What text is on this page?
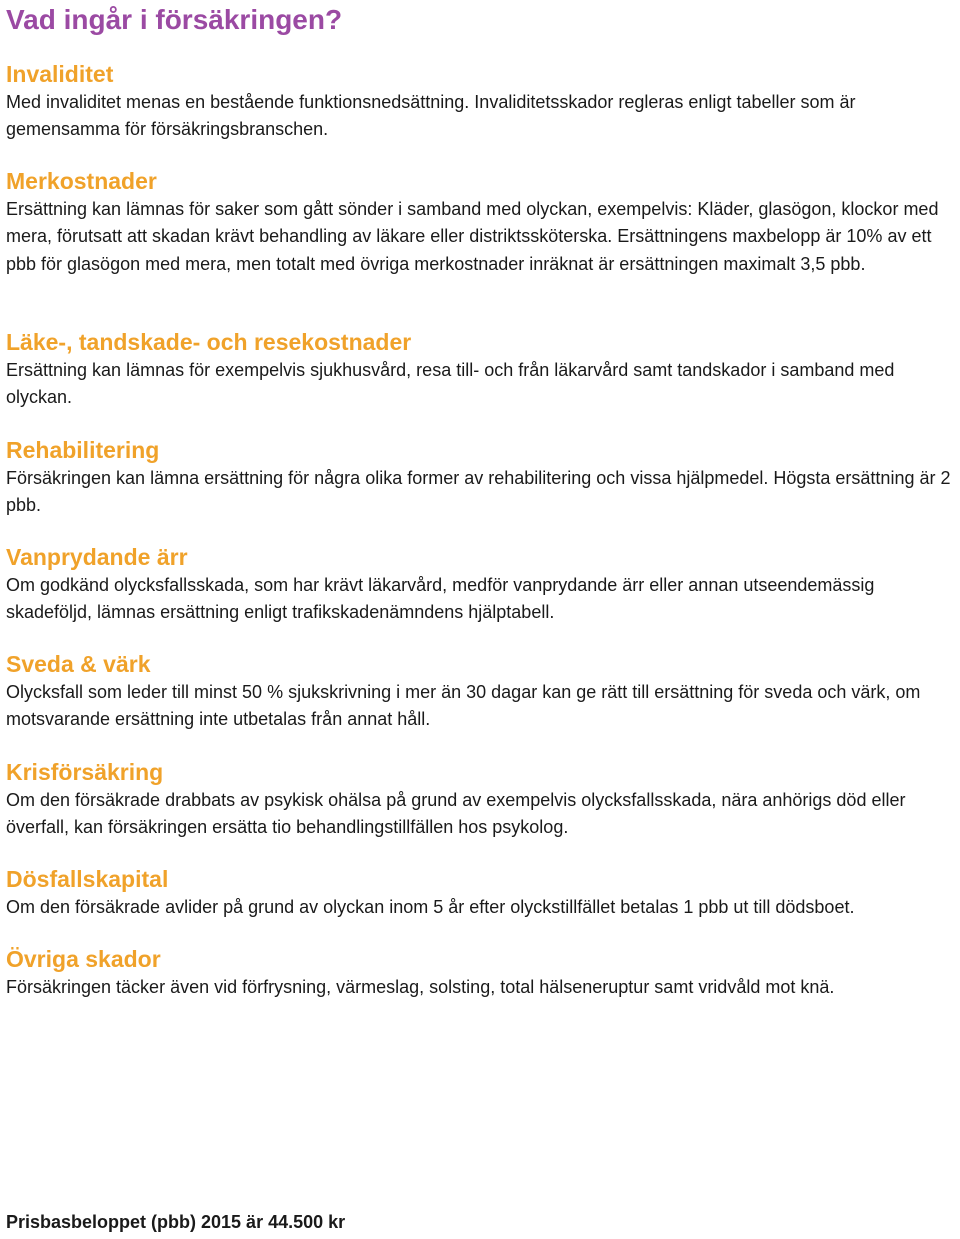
Vad ingår i försäkringen?
Invaliditet

Med invaliditet menas en bestående funktionsnedsättning. Invaliditetsskador regleras enligt tabeller som är gemensamma för försäkringsbranschen.

Merkostnader

Ersättning kan lämnas för saker som gått sönder i samband med olyckan, exempelvis: Kläder, glasögon, klockor med mera, förutsatt att skadan krävt behandling av läkare eller distriktssköterska. Ersättningens maxbelopp är 10% av ett pbb för glasögon med mera, men totalt med övriga merkostnader inräknat är ersättningen maximalt 3,5 pbb.

Läke-, tandskade- och resekostnader

Ersättning kan lämnas för exempelvis sjukhusvård, resa till- och från läkarvård samt tandskador i samband med olyckan.

Rehabilitering

Försäkringen kan lämna ersättning för några olika former av rehabilitering och vissa hjälpmedel. Högsta ersättning är 2 pbb.

Vanprydande ärr

Om godkänd olycksfallsskada, som har krävt läkarvård, medför vanprydande ärr eller annan utseendemässig skadeföljd, lämnas ersättning enligt trafikskadenämndens hjälptabell.

Sveda & värk

Olycksfall som leder till minst 50 % sjukskrivning i mer än 30 dagar kan ge rätt till ersättning för sveda och värk, om motsvarande ersättning inte utbetalas från annat håll.

Krisförsäkring

Om den försäkrade drabbats av psykisk ohälsa på grund av exempelvis olycksfallsskada, nära anhörigs död eller överfall, kan försäkringen ersätta tio behandlingstillfällen hos psykolog.

Dösfallskapital

Om den försäkrade avlider på grund av olyckan inom 5 år efter olyckstillfället betalas 1 pbb ut till dödsboet.

Övriga skador

Försäkringen täcker även vid förfrysning, värmeslag, solsting, total hälseneruptur samt vridvåld mot knä.

Prisbasbeloppet (pbb) 2015 är 44.500 kr
